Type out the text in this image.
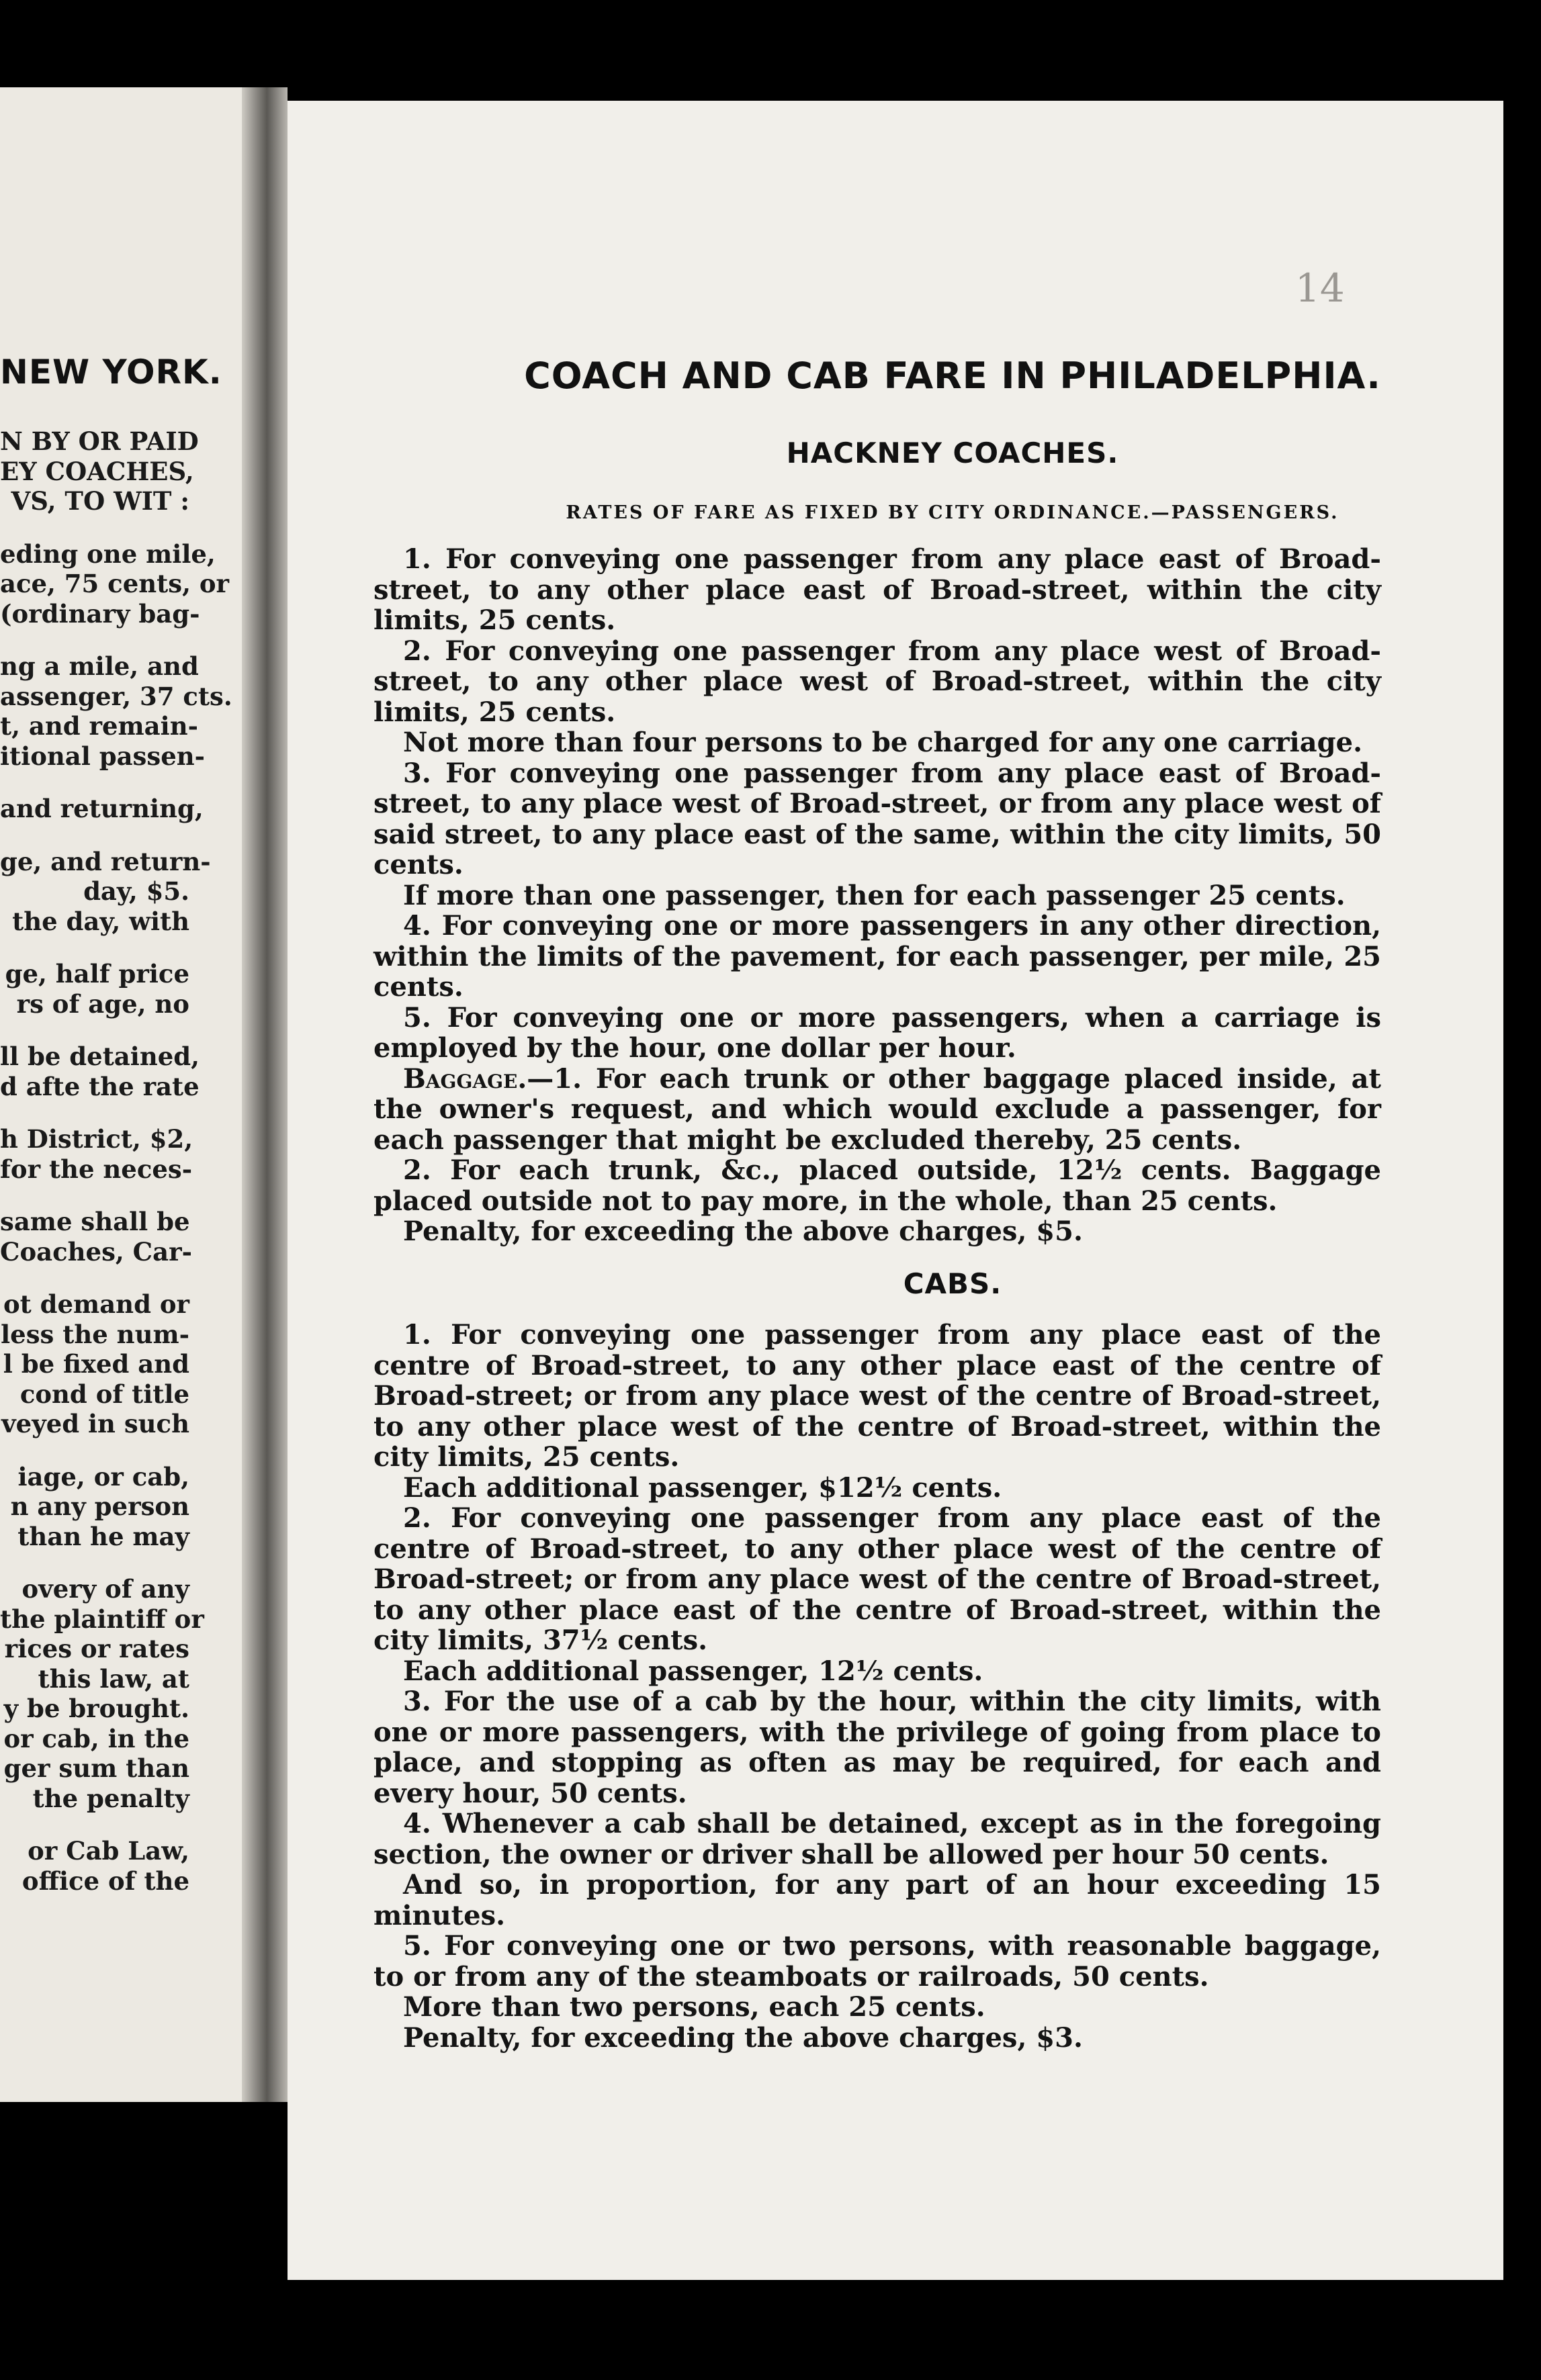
NEW YORK.
N BY OR PAID
EY COACHES,
VS, TO WIT :
eding one mile,
ace, 75 cents, or
(ordinary bag-
ng a mile, and
assenger, 37 cts.
t, and remain-
itional passen-
and returning,
ge, and return-
day, $5.
the day, with
ge, half price
rs of age, no
ll be detained,
d afte the rate
h District, $2,
for the neces-
same shall be
Coaches, Car-
ot demand or
less the num-
l be fixed and
cond of title
veyed in such
iage, or cab,
n any person
than he may
overy of any
the plaintiff or
rices or rates
this law, at
y be brought.
or cab, in the
ger sum than
the penalty
or Cab Law,
office of the
14
COACH AND CAB FARE IN PHILADELPHIA.
HACKNEY COACHES.
RATES OF FARE AS FIXED BY CITY ORDINANCE.—PASSENGERS.

1. For conveying one passenger from any place east of Broad-street, to any other place east of Broad-street, within the city limits, 25 cents.

2. For conveying one passenger from any place west of Broad-street, to any other place west of Broad-street, within the city limits, 25 cents.

Not more than four persons to be charged for any one carriage.

3. For conveying one passenger from any place east of Broad-street, to any place west of Broad-street, or from any place west of said street, to any place east of the same, within the city limits, 50 cents.

If more than one passenger, then for each passenger 25 cents.

4. For conveying one or more passengers in any other direction, within the limits of the pavement, for each passenger, per mile, 25 cents.

5. For conveying one or more passengers, when a carriage is employed by the hour, one dollar per hour.

Baggage.—1. For each trunk or other baggage placed inside, at the owner's request, and which would exclude a passenger, for each passenger that might be excluded thereby, 25 cents.

2. For each trunk, &c., placed outside, 12½ cents. Baggage placed outside not to pay more, in the whole, than 25 cents.

Penalty, for exceeding the above charges, $5.

CABS.

1. For conveying one passenger from any place east of the centre of Broad-street, to any other place east of the centre of Broad-street; or from any place west of the centre of Broad-street, to any other place west of the centre of Broad-street, within the city limits, 25 cents.

Each additional passenger, $12½ cents.

2. For conveying one passenger from any place east of the centre of Broad-street, to any other place west of the centre of Broad-street; or from any place west of the centre of Broad-street, to any other place east of the centre of Broad-street, within the city limits, 37½ cents.

Each additional passenger, 12½ cents.

3. For the use of a cab by the hour, within the city limits, with one or more passengers, with the privilege of going from place to place, and stopping as often as may be required, for each and every hour, 50 cents.

4. Whenever a cab shall be detained, except as in the foregoing section, the owner or driver shall be allowed per hour 50 cents.

And so, in proportion, for any part of an hour exceeding 15 minutes.

5. For conveying one or two persons, with reasonable baggage, to or from any of the steamboats or railroads, 50 cents.

More than two persons, each 25 cents.

Penalty, for exceeding the above charges, $3.
